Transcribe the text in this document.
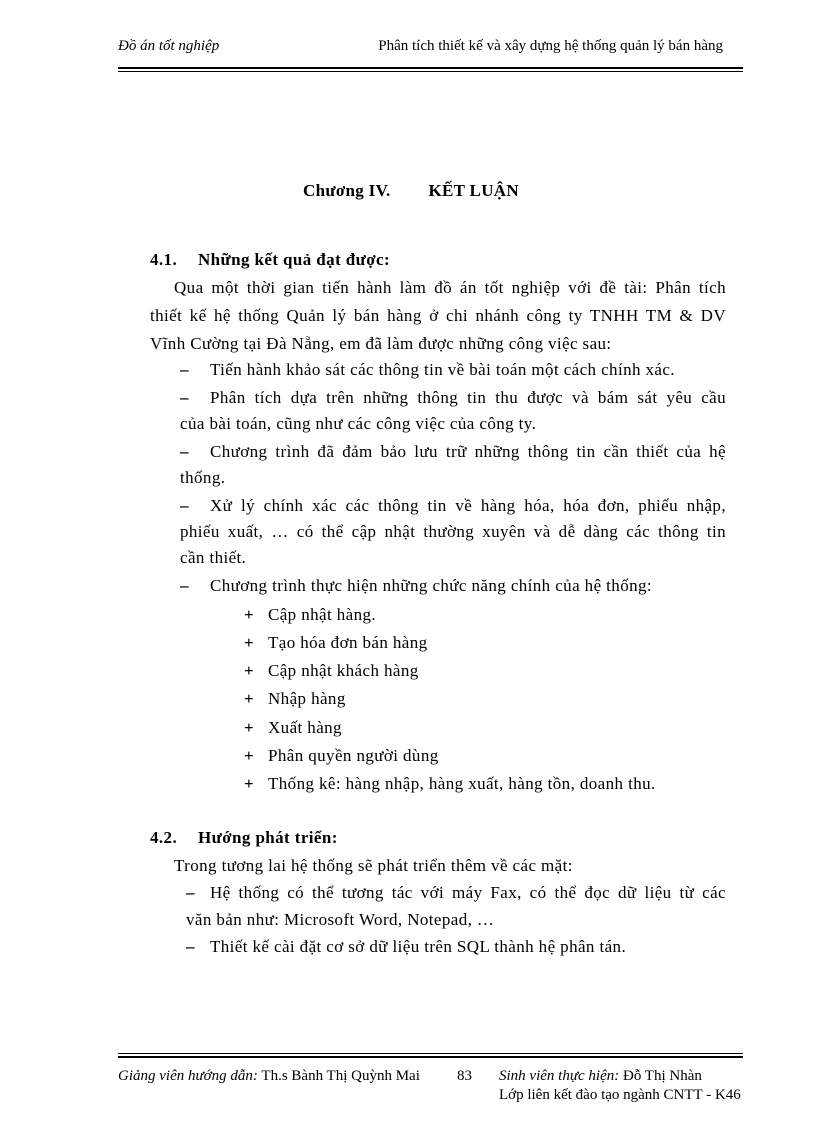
Đồ án tốt nghiệp	Phân tích thiết kế và xây dựng hệ thống quản lý bán hàng
Chương IV. KẾT LUẬN
4.1. Những kết quả đạt được:
Qua một thời gian tiến hành làm đồ án tốt nghiệp với đề tài: Phân tích
thiết kế hệ thống Quản lý bán hàng ở chi nhánh công ty TNHH TM & DV
Vĩnh Cường tại Đà Nẵng, em đã làm được những công việc sau:
– Tiến hành khảo sát các thông tin về bài toán một cách chính xác.
– Phân tích dựa trên những thông tin thu được và bám sát yêu cầu
của bài toán, cũng như các công việc của công ty.
– Chương trình đã đảm bảo lưu trữ những thông tin cần thiết của hệ
thống.
– Xử lý chính xác các thông tin về hàng hóa, hóa đơn, phiếu nhập,
phiếu xuất, … có thể cập nhật thường xuyên và dễ dàng các thông tin
cần thiết.
– Chương trình thực hiện những chức năng chính của hệ thống:
+ Cập nhật hàng.
+ Tạo hóa đơn bán hàng
+ Cập nhật khách hàng
+ Nhập hàng
+ Xuất hàng
+ Phân quyền người dùng
+ Thống kê: hàng nhập, hàng xuất, hàng tồn, doanh thu.
4.2. Hướng phát triển:
Trong tương lai hệ thống sẽ phát triển thêm về các mặt:
– Hệ thống có thể tương tác với máy Fax, có thể đọc dữ liệu từ các
văn bản như: Microsoft Word, Notepad, …
– Thiết kế cài đặt cơ sở dữ liệu trên SQL thành hệ phân tán.
Giảng viên hướng dẫn: Th.s Bành Thị Quỳnh Mai 83 Sinh viên thực hiện: Đỗ Thị Nhàn
Lớp liên kết đào tạo ngành CNTT - K46
